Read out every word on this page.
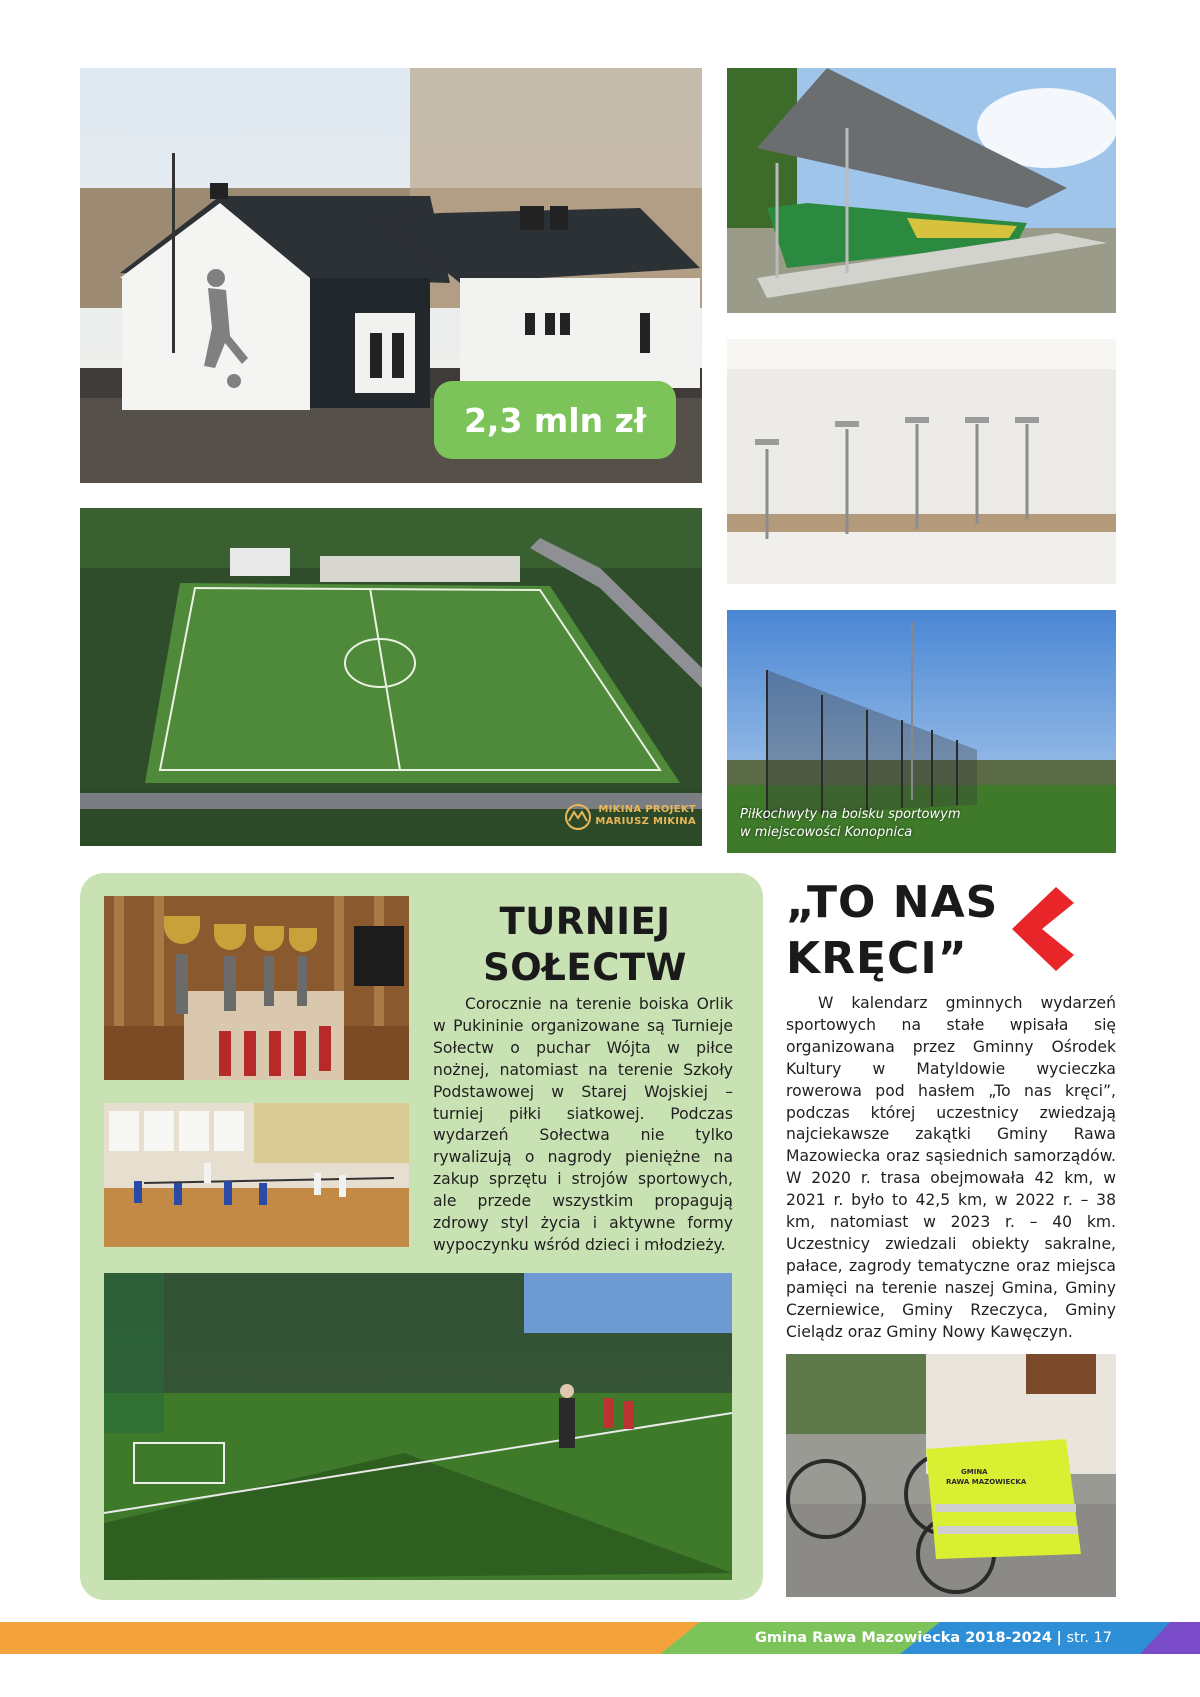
2,3 mln zł
MIKINA PROJEKT
MARIUSZ MIKINA	Piłkochwyty na boisku sportowym
w miejscowości Konopnica
TURNIEJ
SOŁECTW
Corocznie na terenie boiska Orlik w Pukininie organizowane są Turnieje Sołectw o puchar Wójta w piłce nożnej, natomiast na terenie Szkoły Podstawowej w Starej Wojskiej – turniej piłki siatkowej. Podczas wydarzeń Sołectwa nie tylko rywalizują o nagrody pieniężne na zakup sprzętu i strojów sportowych, ale przede wszystkim propagują zdrowy styl życia i aktywne formy wypoczynku wśród dzieci i młodzieży.
„TO NAS
KRĘCI”
W kalendarz gminnych wydarzeń sportowych na stałe wpisała się organizowana przez Gminny Ośrodek Kultury w Matyldowie wycieczka rowerowa pod hasłem „To nas kręci”, podczas której uczestnicy zwiedzają najciekawsze zakątki Gminy Rawa Mazowiecka oraz sąsiednich samorządów. W 2020 r. trasa obejmowała 42 km, w 2021 r. było to 42,5 km, w 2022 r. – 38 km, natomiast w 2023 r. – 40 km. Uczestnicy zwiedzali obiekty sakralne, pałace, zagrody tematyczne oraz miejsca pamięci na terenie naszej Gmina, Gminy Czerniewice, Gminy Rzeczyca, Gminy Cielądz oraz Gminy Nowy Kawęczyn.
GMINA
RAWA MAZOWIECKA
Gmina Rawa Mazowiecka 2018-2024 | str. 17
